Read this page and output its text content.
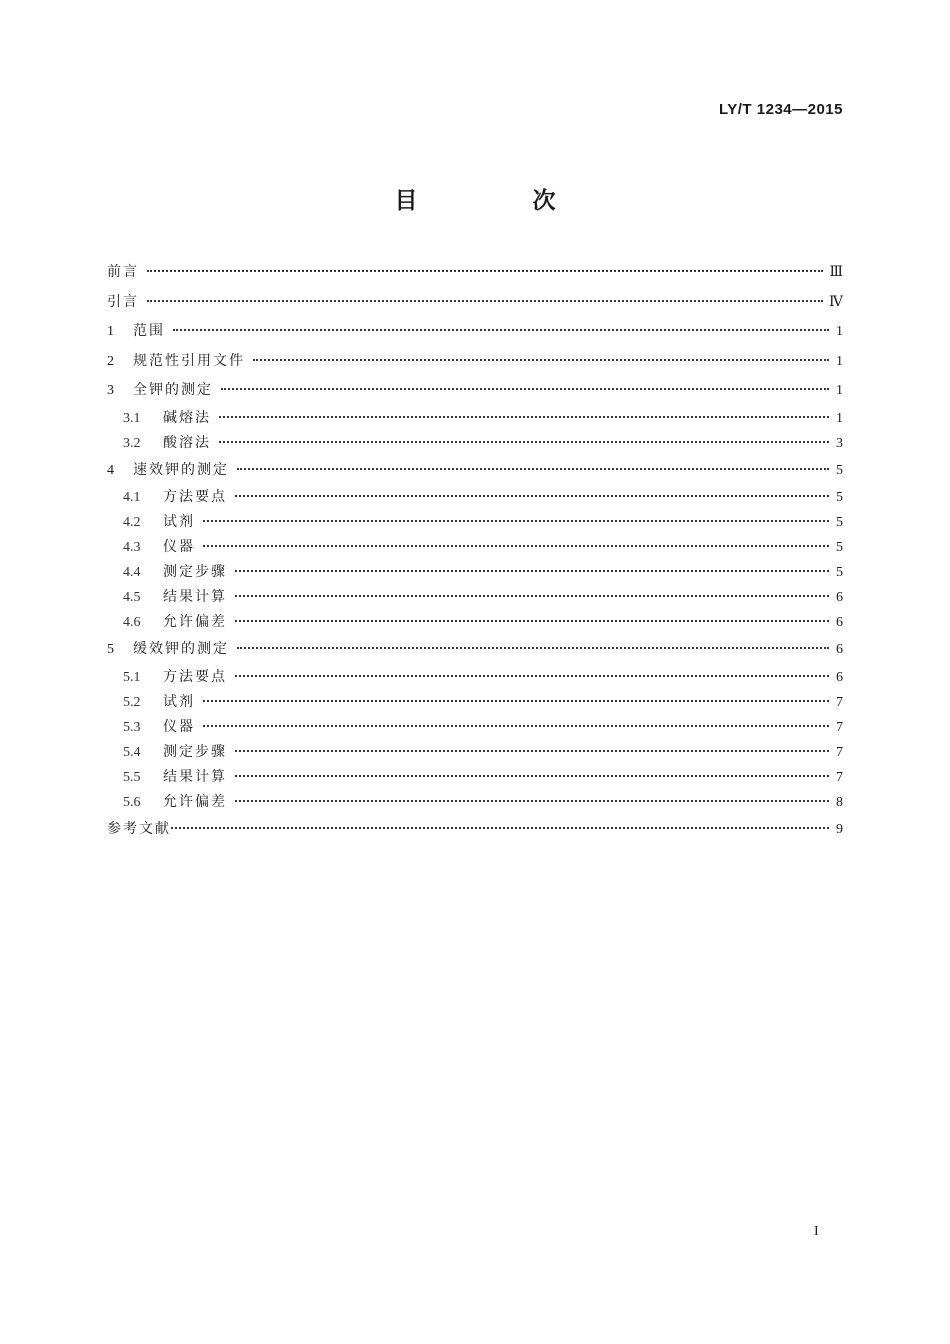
LY/T 1234—2015
目　次
前言	Ⅲ
引言	Ⅳ
1	范围	1
2	规范性引用文件	1
3	全钾的测定	1
3.1	碱熔法	1
3.2	酸溶法	3
4	速效钾的测定	5
4.1	方法要点	5
4.2	试剂	5
4.3	仪器	5
4.4	测定步骤	5
4.5	结果计算	6
4.6	允许偏差	6
5	缓效钾的测定	6
5.1	方法要点	6
5.2	试剂	7
5.3	仪器	7
5.4	测定步骤	7
5.5	结果计算	7
5.6	允许偏差	8
参考文献	9
I
